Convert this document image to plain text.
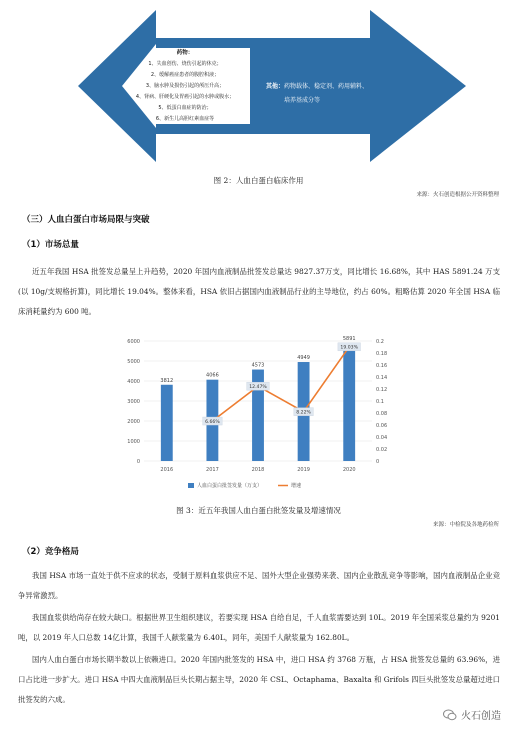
药物：
1、失血创伤、烧伤引起的休克；
2、缓解癌症患者的腹腔积液；
3、脑水肿及损伤引起的颅压升高；
4、肾病、肝硬化及胃癌引起的水肿或腹水；
5、低蛋白血症的防治；
6、新生儿高胆红素血症等
其他： 药物载体、稳定剂、药用辅料、
培养基成分等
图 2：人血白蛋白临床作用
来源：火石创造根据公开资料整理
（三）人血白蛋白市场局限与突破
（1）市场总量
近五年我国 HSA 批签发总量呈上升趋势，2020 年国内血液制品批签发总量达 9827.37万支，同比增长 16.68%，其中 HAS 5891.24 万支(以 10g/支规格折算)，同比增长 19.04%。整体来看，HSA 依旧占据国内血液制品行业的主导地位，约占 60%。粗略估算 2020 年全国 HSA 临床消耗量约为 600 吨。
0
1000
2000
3000
4000
5000
6000
0
0.02
0.04
0.06
0.08
0.1
0.12
0.14
0.16
0.18
0.2
3812
2016
4066
2017
4573
2018
4949
2019
5891
2020
6.66%
12.47%
8.22%
19.03%
人血白蛋白批签发量（万支）	增速
图 3：近五年我国人血白蛋白批签发量及增速情况
来源：中检院及各地药检所
（2）竞争格局
我国 HSA 市场一直处于供不应求的状态，受制于原料血浆供应不足、国外大型企业强势来袭、国内企业散乱竞争等影响，国内血液制品企业竞争异常激烈。
我国血浆供给尚存在较大缺口。根据世界卫生组织建议，若要实现 HSA 自给自足，千人血浆需要达到 10L。2019 年全国采浆总量约为 9201 吨，以 2019 年人口总数 14亿计算，我国千人献浆量为 6.40L，同年，美国千人献浆量为 162.80L。
国内人血白蛋白市场长期半数以上依赖进口。2020 年国内批签发的 HSA 中，进口 HSA 约 3768 万瓶，占 HSA 批签发总量的 63.96%，进口占比进一步扩大。进口 HSA 中四大血液制品巨头长期占据主导，2020 年 CSL、Octaphama、Baxalta 和 Grifols 四巨头批签发总量超过进口批签发的六成。
火石创造
